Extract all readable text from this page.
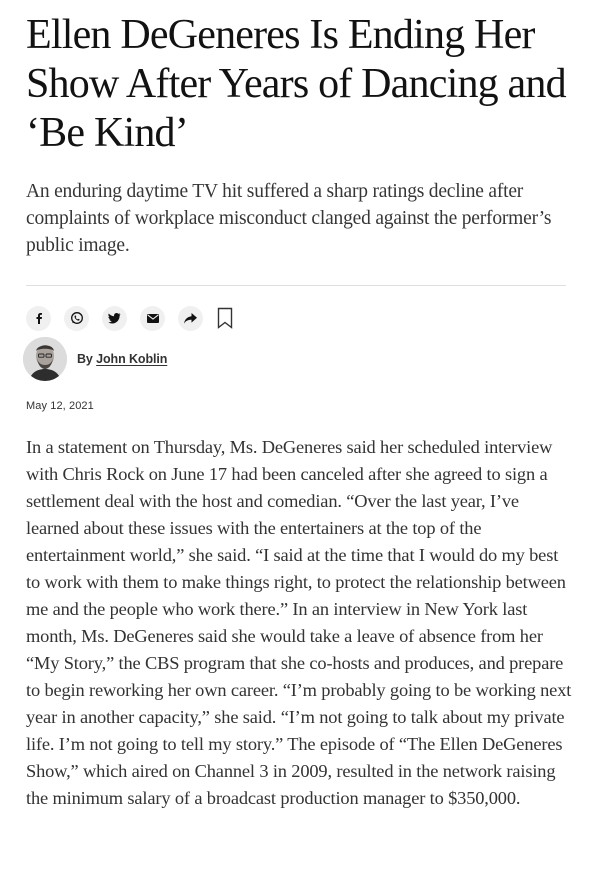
Ellen DeGeneres Is Ending Her Show After Years of Dancing and ‘Be Kind’

An enduring daytime TV hit suffered a sharp ratings decline after complaints of workplace misconduct clanged against the performer’s public image.

By John Koblin
May 12, 2021

In a statement on Thursday, Ms. DeGeneres said her scheduled interview with Chris Rock on June 17 had been canceled after she agreed to sign a settlement deal with the host and comedian. “Over the last year, I’ve learned about these issues with the entertainers at the top of the entertainment world,” she said. “I said at the time that I would do my best to work with them to make things right, to protect the relationship between me and the people who work there.” In an interview in New York last month, Ms. DeGeneres said she would take a leave of absence from her “My Story,” the CBS program that she co-hosts and produces, and prepare to begin reworking her own career. “I’m probably going to be working next year in another capacity,” she said. “I’m not going to talk about my private life. I’m not going to tell my story.” The episode of “The Ellen DeGeneres Show,” which aired on Channel 3 in 2009, resulted in the network raising the minimum salary of a broadcast production manager to $350,000.
